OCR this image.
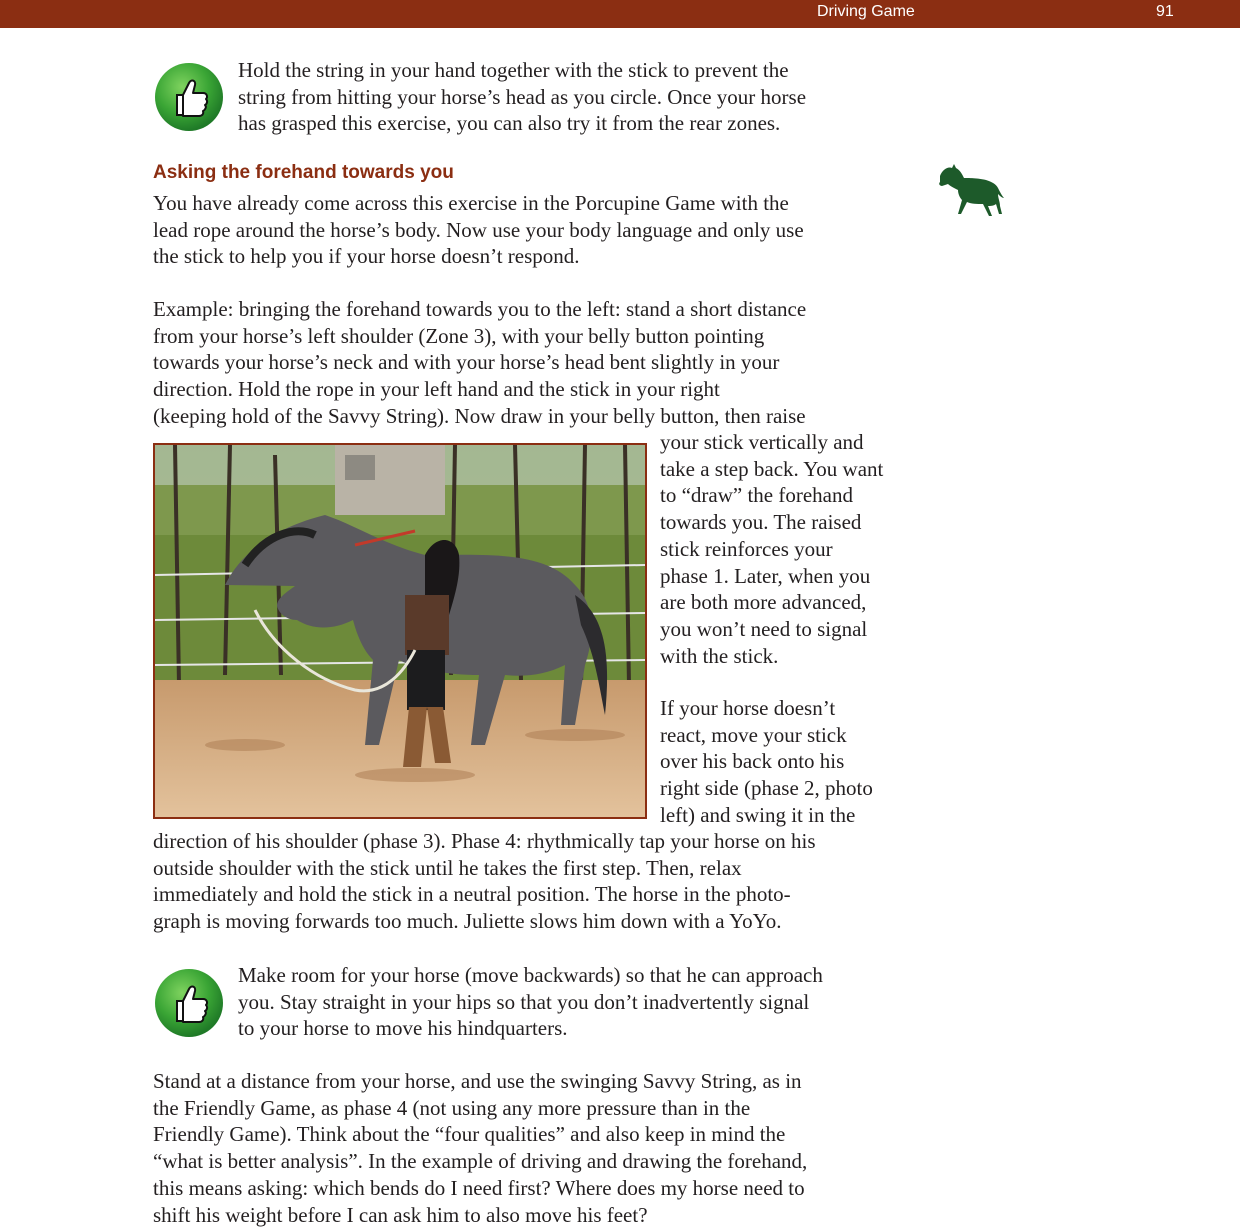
Driving Game	91

Hold the string in your hand together with the stick to prevent the

string from hitting your horse’s head as you circle. Once your horse

has grasped this exercise, you can also try it from the rear zones.

Asking the forehand towards you

You have already come across this exercise in the Porcupine Game with the

lead rope around the horse’s body. Now use your body language and only use

the stick to help you if your horse doesn’t respond.

Example: bringing the forehand towards you to the left: stand a short distance

from your horse’s left shoulder (Zone 3), with your belly button pointing

towards your horse’s neck and with your horse’s head bent slightly in your

direction. Hold the rope in your left hand and the stick in your right

(keeping hold of the Savvy String). Now draw in your belly button, then raise

your stick vertically and

take a step back. You want

to “draw” the forehand

towards you. The raised

stick reinforces your

phase 1. Later, when you

are both more advanced,

you won’t need to signal

with the stick.

If your horse doesn’t

react, move your stick

over his back onto his

right side (phase 2, photo

left) and swing it in the

direction of his shoulder (phase 3). Phase 4: rhythmically tap your horse on his

outside shoulder with the stick until he takes the first step. Then, relax

immediately and hold the stick in a neutral position. The horse in the photo-

graph is moving forwards too much. Juliette slows him down with a YoYo.

Make room for your horse (move backwards) so that he can approach

you. Stay straight in your hips so that you don’t inadvertently signal

to your horse to move his hindquarters.

Stand at a distance from your horse, and use the swinging Savvy String, as in

the Friendly Game, as phase 4 (not using any more pressure than in the

Friendly Game). Think about the “four qualities” and also keep in mind the

“what is better analysis”. In the example of driving and drawing the forehand,

this means asking: which bends do I need first? Where does my horse need to

shift his weight before I can ask him to also move his feet?
